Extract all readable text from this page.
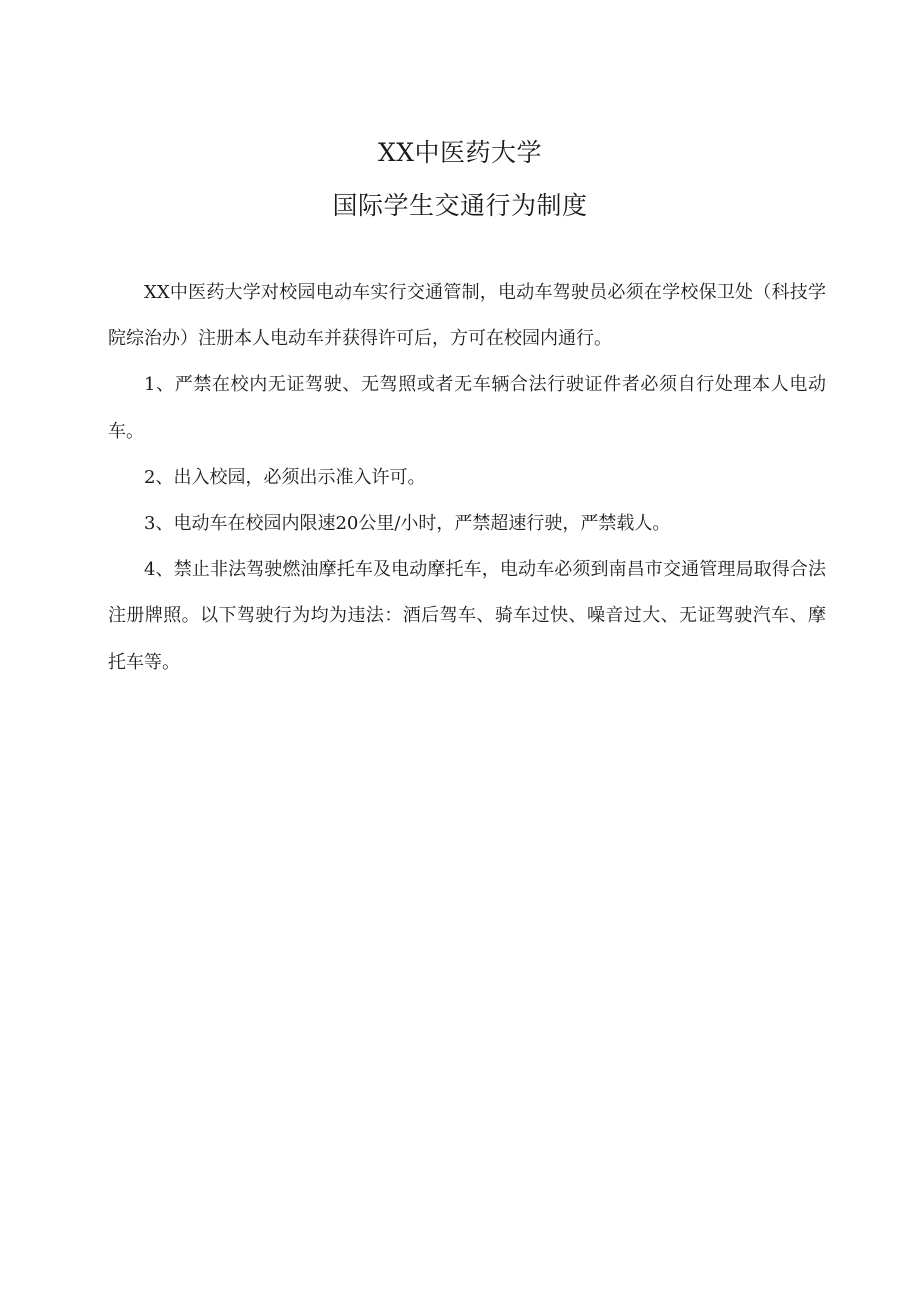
XX中医药大学
国际学生交通行为制度

XX中医药大学对校园电动车实行交通管制，电动车驾驶员必须在学校保卫处（科技学院综治办）注册本人电动车并获得许可后，方可在校园内通行。

1、严禁在校内无证驾驶、无驾照或者无车辆合法行驶证件者必须自行处理本人电动车。

2、出入校园，必须出示准入许可。

3、电动车在校园内限速20公里/小时，严禁超速行驶，严禁载人。

4、禁止非法驾驶燃油摩托车及电动摩托车，电动车必须到南昌市交通管理局取得合法注册牌照。以下驾驶行为均为违法：酒后驾车、骑车过快、噪音过大、无证驾驶汽车、摩托车等。
